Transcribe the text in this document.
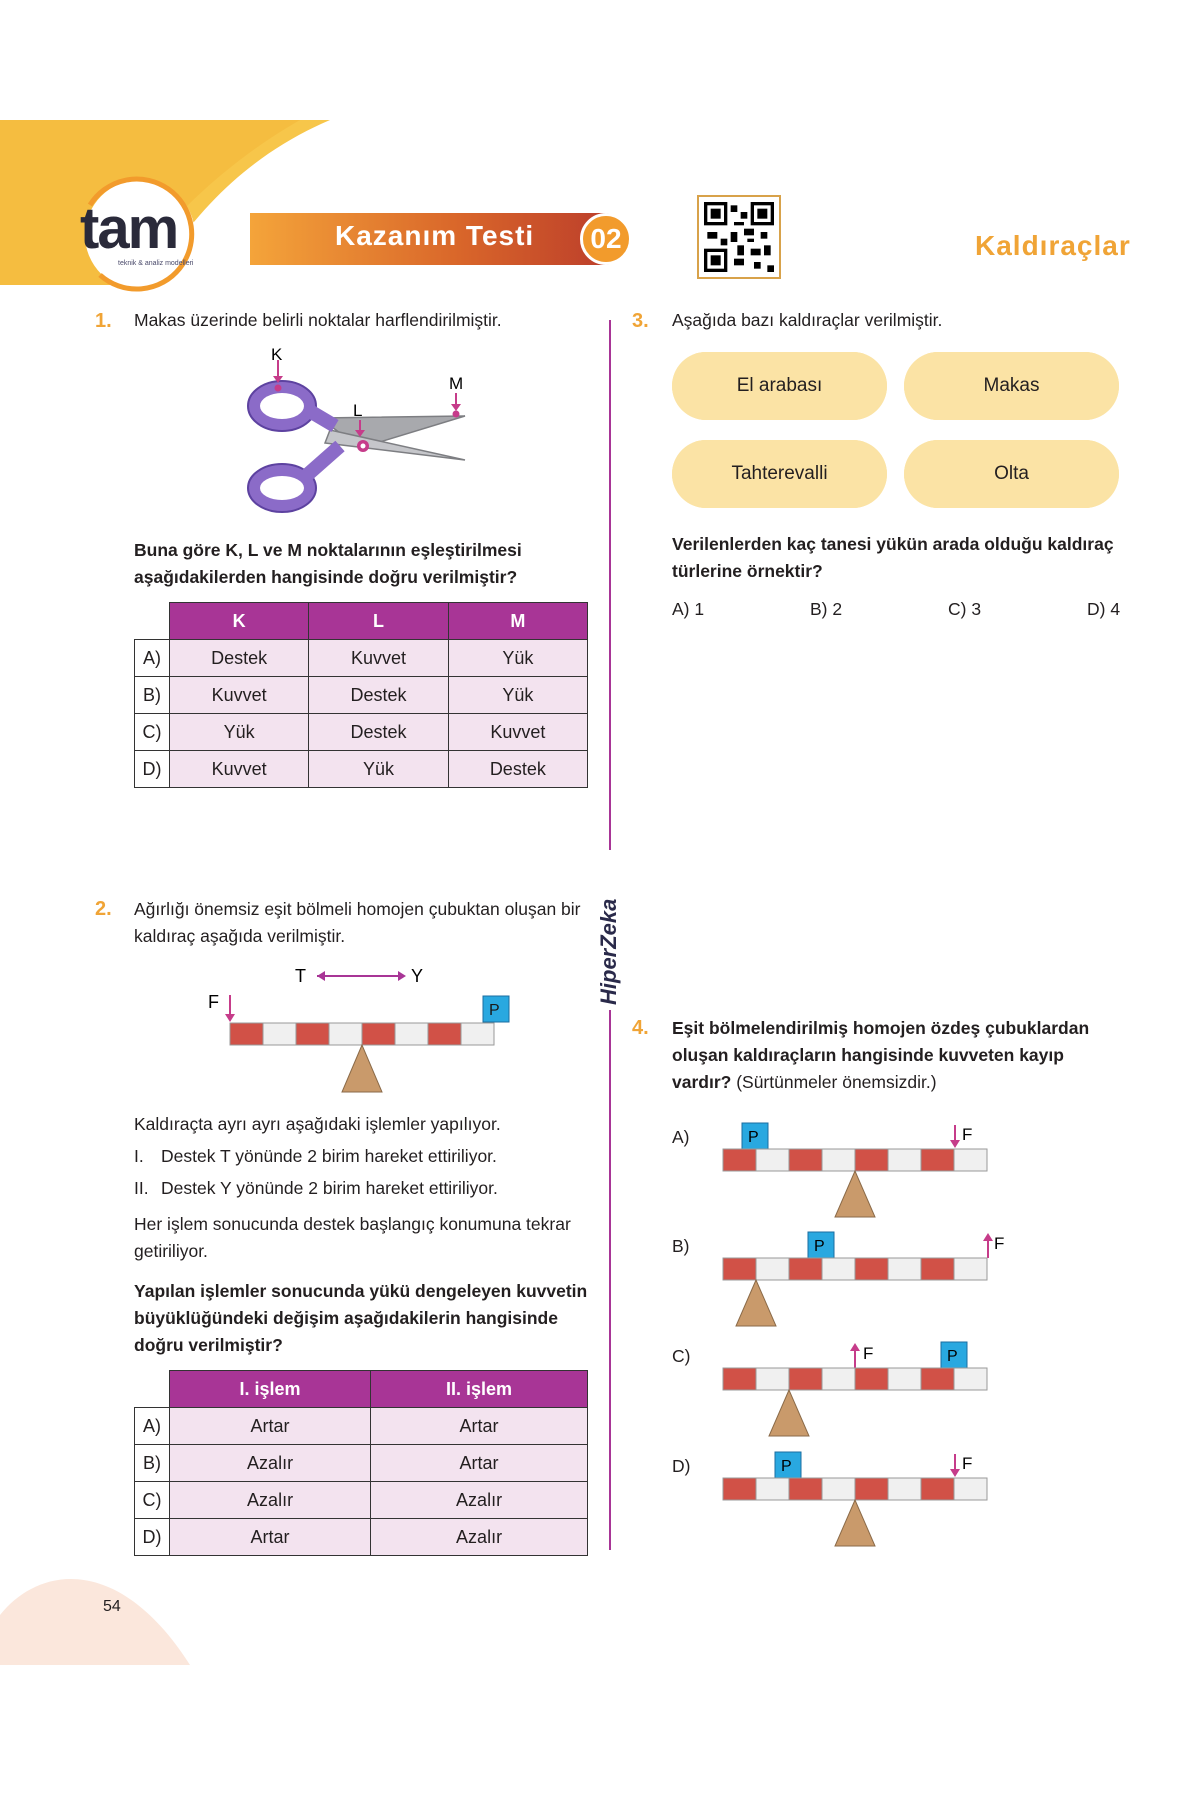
tam
teknik & analiz modelleri
Kazanım Testi	02	Kaldıraçlar
HiperZeka
1. Makas üzerinde belirli noktalar harflendirilmiştir.
K
L
M
Buna göre K, L ve M noktalarının eşleştirilmesi aşağıdakilerden hangisinde doğru verilmiştir?
	K	L	M
A)	Destek	Kuvvet	Yük
B)	Kuvvet	Destek	Yük
C)	Yük	Destek	Kuvvet
D)	Kuvvet	Yük	Destek
2. Ağırlığı önemsiz eşit bölmeli homojen çubuktan oluşan bir kaldıraç aşağıda verilmiştir.
T	Y
F	P
Kaldıraçta ayrı ayrı aşağıdaki işlemler yapılıyor.
I. Destek T yönünde 2 birim hareket ettiriliyor.
II. Destek Y yönünde 2 birim hareket ettiriliyor.
Her işlem sonucunda destek başlangıç konumuna tekrar getiriliyor.
Yapılan işlemler sonucunda yükü dengeleyen kuvvetin büyüklüğündeki değişim aşağıdakilerin hangisinde doğru verilmiştir?
	I. işlem	II. işlem
A)	Artar	Artar
B)	Azalır	Artar
C)	Azalır	Azalır
D)	Artar	Azalır
3. Aşağıda bazı kaldıraçlar verilmiştir.
El arabası	Makas
Tahterevalli	Olta
Verilenlerden kaç tanesi yükün arada olduğu kaldıraç türlerine örnektir?
A) 1	B) 2	C) 3	D) 4
4. Eşit bölmelendirilmiş homojen özdeş çubuklardan oluşan kaldıraçların hangisinde kuvveten kayıp vardır? (Sürtünmeler önemsizdir.)
A)	P	F
B)	P	F
C)	F	P
D)	P	F
54
